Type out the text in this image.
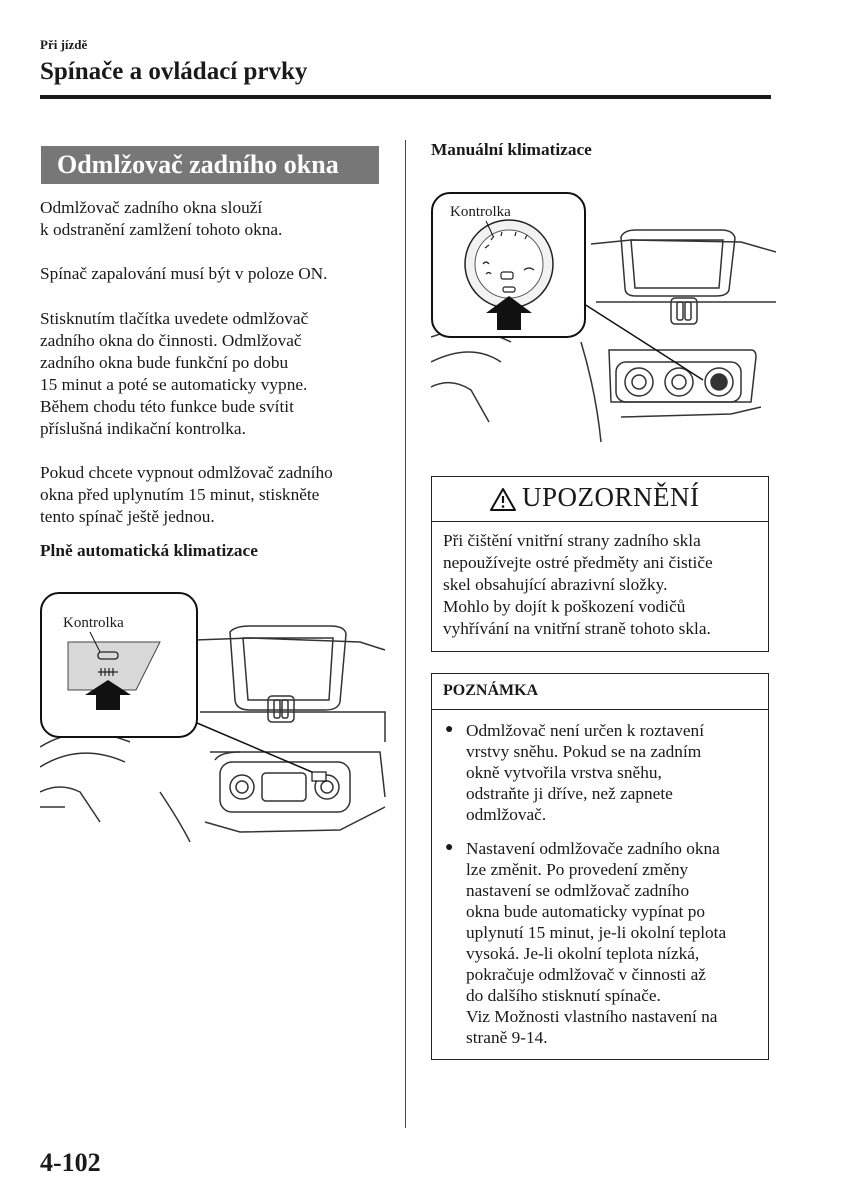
Při jízdě
Spínače a ovládací prvky
Odmlžovač zadního okna
Odmlžovač zadního okna slouží
k odstranění zamlžení tohoto okna.
Spínač zapalování musí být v poloze ON.
Stisknutím tlačítka uvedete odmlžovač
zadního okna do činnosti. Odmlžovač
zadního okna bude funkční po dobu
15 minut a poté se automaticky vypne.
Během chodu této funkce bude svítit
příslušná indikační kontrolka.
Pokud chcete vypnout odmlžovač zadního
okna před uplynutím 15 minut, stiskněte
tento spínač ještě jednou.
Plně automatická klimatizace
Manuální klimatizace
Kontrolka
Kontrolka
UPOZORNĚNÍ
Při čištění vnitřní strany zadního skla
nepoužívejte ostré předměty ani čističe
skel obsahující abrazivní složky.
Mohlo by dojít k poškození vodičů
vyhřívání na vnitřní straně tohoto skla.
POZNÁMKA
● Odmlžovač není určen k roztavení
vrstvy sněhu. Pokud se na zadním
okně vytvořila vrstva sněhu,
odstraňte ji dříve, než zapnete
odmlžovač.
● Nastavení odmlžovače zadního okna
lze změnit. Po provedení změny
nastavení se odmlžovač zadního
okna bude automaticky vypínat po
uplynutí 15 minut, je-li okolní teplota
vysoká. Je-li okolní teplota nízká,
pokračuje odmlžovač v činnosti až
do dalšího stisknutí spínače.
Viz Možnosti vlastního nastavení na
straně 9-14.
4-102
